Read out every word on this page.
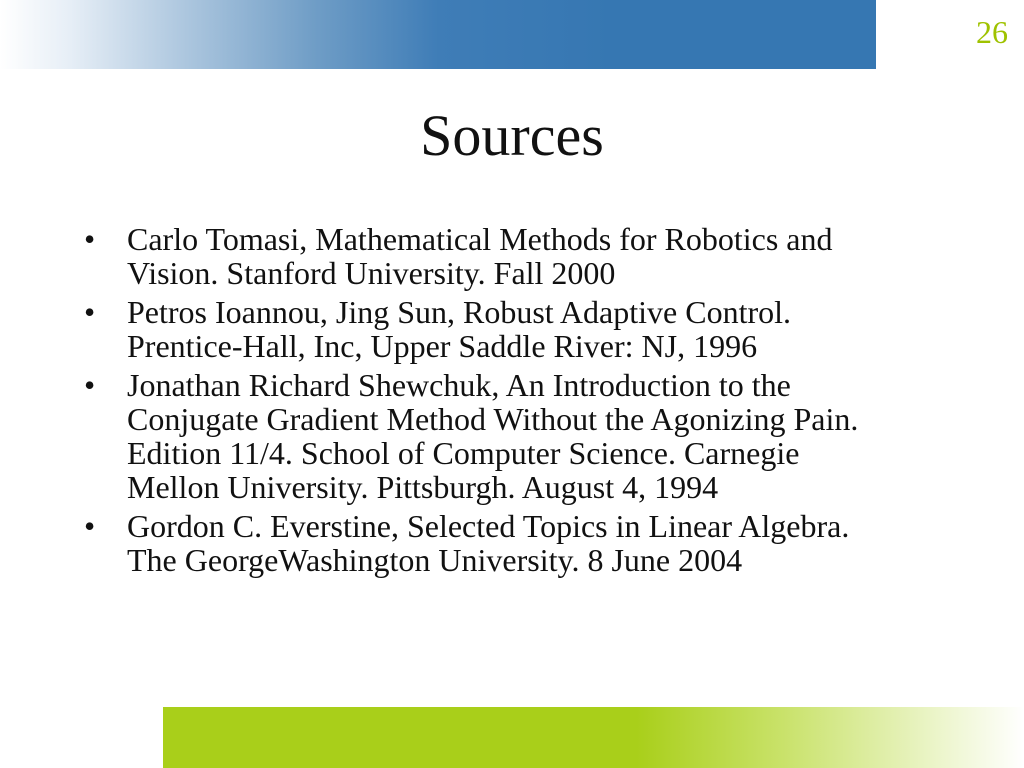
26
Sources
• Carlo Tomasi, Mathematical Methods for Robotics and
Vision. Stanford University. Fall 2000
• Petros Ioannou, Jing Sun, Robust Adaptive Control.
Prentice-Hall, Inc, Upper Saddle River: NJ, 1996
• Jonathan Richard Shewchuk, An Introduction to the
Conjugate Gradient Method Without the Agonizing Pain.
Edition 11/4. School of Computer Science. Carnegie
Mellon University. Pittsburgh. August 4, 1994
• Gordon C. Everstine, Selected Topics in Linear Algebra.
The GeorgeWashington University. 8 June 2004
